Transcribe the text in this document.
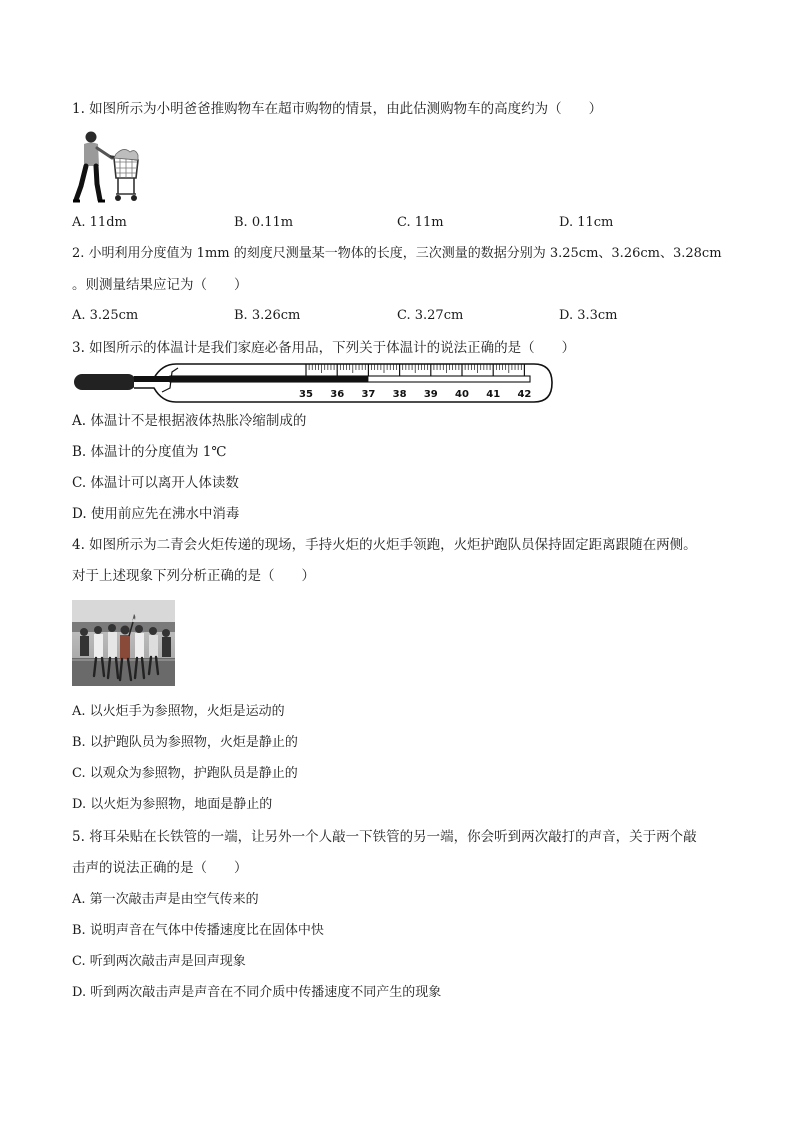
1. 如图所示为小明爸爸推购物车在超市购物的情景，由此估测购物车的高度约为（　　）
A. 11dm	B. 0.11m	C. 11m	D. 11cm
2. 小明利用分度值为 1mm 的刻度尺测量某一物体的长度，三次测量的数据分别为 3.25cm、3.26cm、3.28cm
。则测量结果应记为（　　）
A. 3.25cm	B. 3.26cm	C. 3.27cm	D. 3.3cm
3. 如图所示的体温计是我们家庭必备用品，下列关于体温计的说法正确的是（　　）
35 36 37 38 39 40 41 42
A. 体温计不是根据液体热胀冷缩制成的
B. 体温计的分度值为 1℃
C. 体温计可以离开人体读数
D. 使用前应先在沸水中消毒
4. 如图所示为二青会火炬传递的现场，手持火炬的火炬手领跑，火炬护跑队员保持固定距离跟随在两侧。
对于上述现象下列分析正确的是（　　）
A. 以火炬手为参照物，火炬是运动的
B. 以护跑队员为参照物，火炬是静止的
C. 以观众为参照物，护跑队员是静止的
D. 以火炬为参照物，地面是静止的
5. 将耳朵贴在长铁管的一端，让另外一个人敲一下铁管的另一端，你会听到两次敲打的声音，关于两个敲
击声的说法正确的是（　　）
A. 第一次敲击声是由空气传来的
B. 说明声音在气体中传播速度比在固体中快
C. 听到两次敲击声是回声现象
D. 听到两次敲击声是声音在不同介质中传播速度不同产生的现象
